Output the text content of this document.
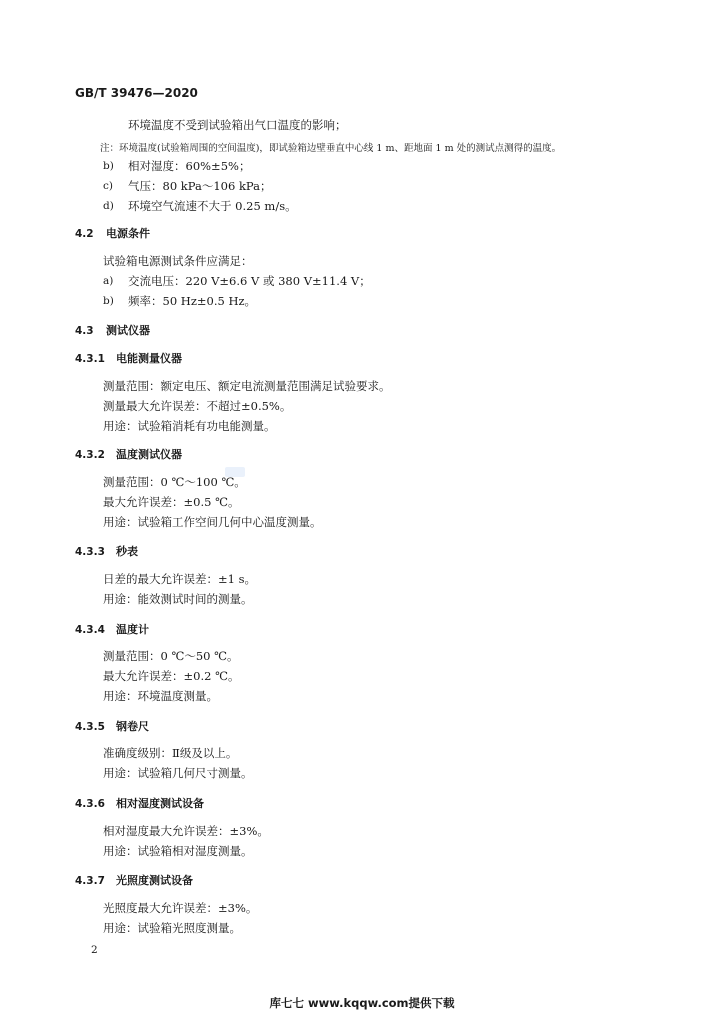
GB/T 39476—2020
环境温度不受到试验箱出气口温度的影响；
注：环境温度(试验箱周围的空间温度)，即试验箱边壁垂直中心线 1 m、距地面 1 m 处的测试点测得的温度。
b) 相对湿度：60%±5%；
c) 气压：80 kPa～106 kPa；
d) 环境空气流速不大于 0.25 m/s。
4.2 电源条件
试验箱电源测试条件应满足：
a) 交流电压：220 V±6.6 V 或 380 V±11.4 V；
b) 频率：50 Hz±0.5 Hz。
4.3 测试仪器
4.3.1 电能测量仪器
测量范围：额定电压、额定电流测量范围满足试验要求。
测量最大允许误差：不超过±0.5%。
用途：试验箱消耗有功电能测量。
4.3.2 温度测试仪器
测量范围：0 ℃～100 ℃。
最大允许误差：±0.5 ℃。
用途：试验箱工作空间几何中心温度测量。
4.3.3 秒表
日差的最大允许误差：±1 s。
用途：能效测试时间的测量。
4.3.4 温度计
测量范围：0 ℃～50 ℃。
最大允许误差：±0.2 ℃。
用途：环境温度测量。
4.3.5 钢卷尺
准确度级别：Ⅱ级及以上。
用途：试验箱几何尺寸测量。
4.3.6 相对湿度测试设备
相对湿度最大允许误差：±3%。
用途：试验箱相对湿度测量。
4.3.7 光照度测试设备
光照度最大允许误差：±3%。
用途：试验箱光照度测量。
2
库七七 www.kqqw.com提供下载
